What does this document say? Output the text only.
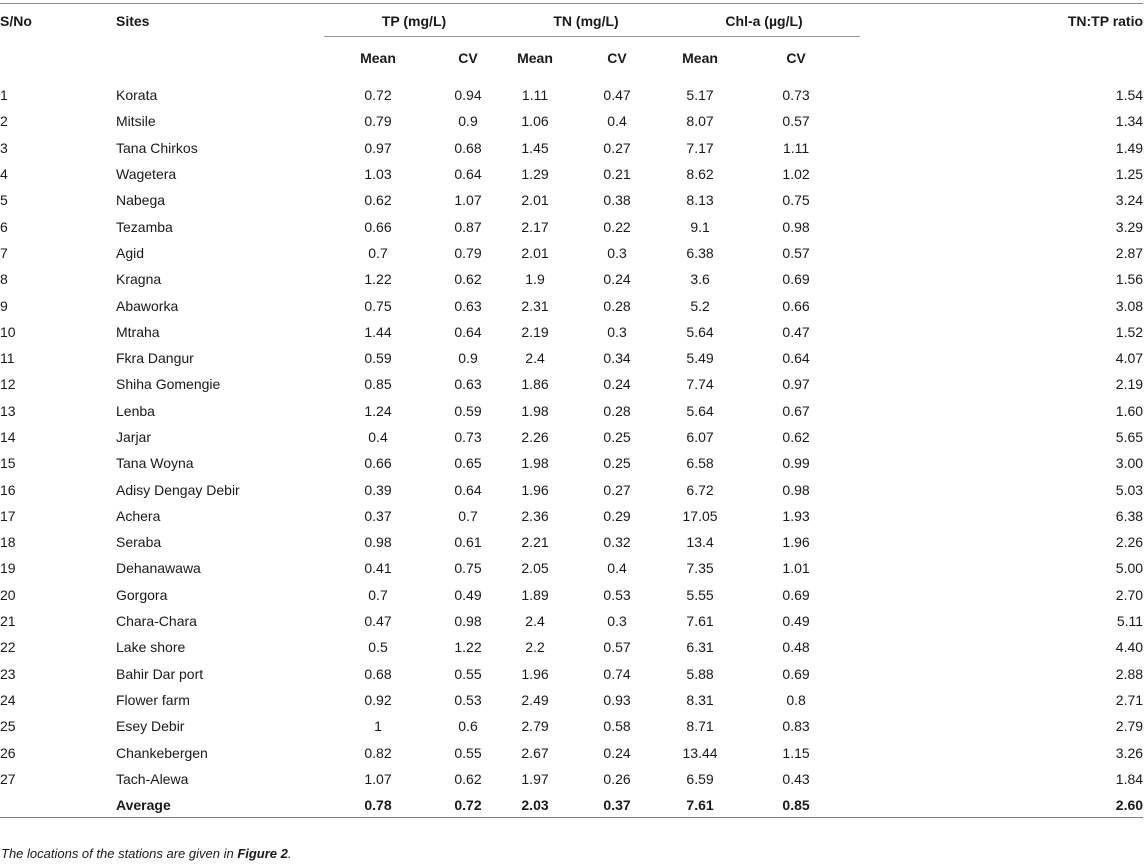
S/No	Sites	TP (mg/L)		TN (mg/L)		Chl-a (µg/L)		TN:TP ratio
		Mean	CV	Mean	CV	Mean	CV	
1	Korata	0.72	0.94	1.11	0.47	5.17	0.73	1.54
2	Mitsile	0.79	0.9	1.06	0.4	8.07	0.57	1.34
3	Tana Chirkos	0.97	0.68	1.45	0.27	7.17	1.11	1.49
4	Wagetera	1.03	0.64	1.29	0.21	8.62	1.02	1.25
5	Nabega	0.62	1.07	2.01	0.38	8.13	0.75	3.24
6	Tezamba	0.66	0.87	2.17	0.22	9.1	0.98	3.29
7	Agid	0.7	0.79	2.01	0.3	6.38	0.57	2.87
8	Kragna	1.22	0.62	1.9	0.24	3.6	0.69	1.56
9	Abaworka	0.75	0.63	2.31	0.28	5.2	0.66	3.08
10	Mtraha	1.44	0.64	2.19	0.3	5.64	0.47	1.52
11	Fkra Dangur	0.59	0.9	2.4	0.34	5.49	0.64	4.07
12	Shiha Gomengie	0.85	0.63	1.86	0.24	7.74	0.97	2.19
13	Lenba	1.24	0.59	1.98	0.28	5.64	0.67	1.60
14	Jarjar	0.4	0.73	2.26	0.25	6.07	0.62	5.65
15	Tana Woyna	0.66	0.65	1.98	0.25	6.58	0.99	3.00
16	Adisy Dengay Debir	0.39	0.64	1.96	0.27	6.72	0.98	5.03
17	Achera	0.37	0.7	2.36	0.29	17.05	1.93	6.38
18	Seraba	0.98	0.61	2.21	0.32	13.4	1.96	2.26
19	Dehanawawa	0.41	0.75	2.05	0.4	7.35	1.01	5.00
20	Gorgora	0.7	0.49	1.89	0.53	5.55	0.69	2.70
21	Chara-Chara	0.47	0.98	2.4	0.3	7.61	0.49	5.11
22	Lake shore	0.5	1.22	2.2	0.57	6.31	0.48	4.40
23	Bahir Dar port	0.68	0.55	1.96	0.74	5.88	0.69	2.88
24	Flower farm	0.92	0.53	2.49	0.93	8.31	0.8	2.71
25	Esey Debir	1	0.6	2.79	0.58	8.71	0.83	2.79
26	Chankebergen	0.82	0.55	2.67	0.24	13.44	1.15	3.26
27	Tach-Alewa	1.07	0.62	1.97	0.26	6.59	0.43	1.84
	Average	0.78	0.72	2.03	0.37	7.61	0.85	2.60
The locations of the stations are given in Figure 2.
